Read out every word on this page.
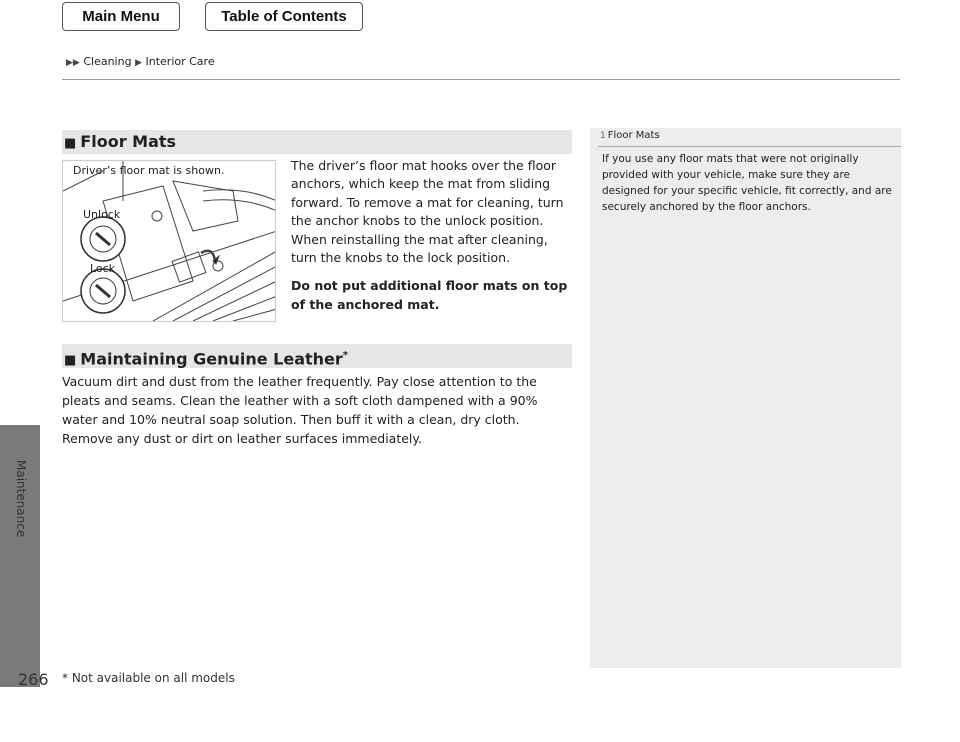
Main Menu	Table of Contents
▶▶ Cleaning ▶ Interior Care
Maintenance
■ Floor Mats
Driver’s floor mat is shown.
Unlock
Lock

The driver’s floor mat hooks over the floor anchors, which keep the mat from sliding forward. To remove a mat for cleaning, turn the anchor knobs to the unlock position. When reinstalling the mat after cleaning, turn the knobs to the lock position.

Do not put additional floor mats on top of the anchored mat.

■ Maintaining Genuine Leather*

Vacuum dirt and dust from the leather frequently. Pay close attention to the pleats and seams. Clean the leather with a soft cloth dampened with a 90% water and 10% neutral soap solution. Then buff it with a clean, dry cloth. Remove any dust or dirt on leather surfaces immediately.

1 Floor Mats

If you use any floor mats that were not originally provided with your vehicle, make sure they are designed for your specific vehicle, fit correctly, and are securely anchored by the floor anchors.

266 * Not available on all models
